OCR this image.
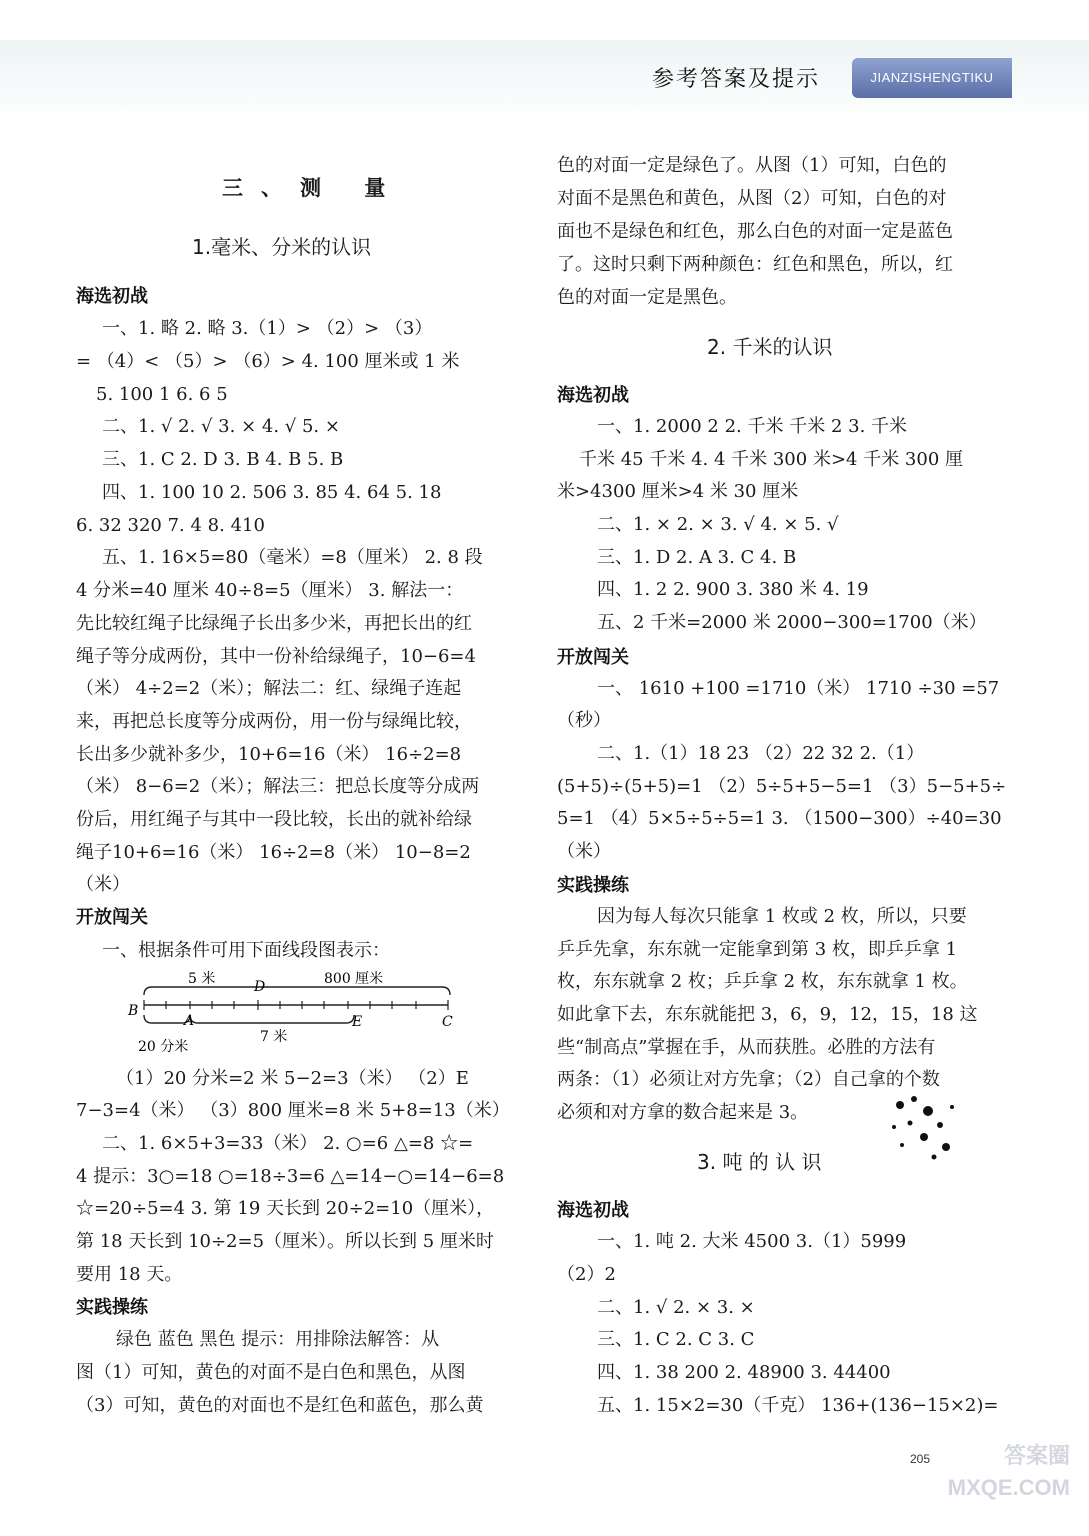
参考答案及提示	JIANZISHENGTIKU
三、测 量
1.毫米、分米的认识
海选初战
一、1. 略 2. 略 3.（1）> （2）> （3）
= （4）< （5）> （6）> 4. 100 厘米或 1 米
5. 100 1 6. 6 5
二、1. √ 2. √ 3. × 4. √ 5. ×
三、1. C 2. D 3. B 4. B 5. B
四、1. 100 10 2. 506 3. 85 4. 64 5. 18
6. 32 320 7. 4 8. 410
五、1. 16×5=80（毫米）=8（厘米） 2. 8 段
4 分米=40 厘米 40÷8=5（厘米） 3. 解法一：
先比较红绳子比绿绳子长出多少米，再把长出的红
绳子等分成两份，其中一份补给绿绳子，10−6=4
（米） 4÷2=2（米）；解法二：红、绿绳子连起
来，再把总长度等分成两份，用一份与绿绳比较，
长出多少就补多少，10+6=16（米） 16÷2=8
（米） 8−6=2（米）；解法三：把总长度等分成两
份后，用红绳子与其中一段比较，长出的就补给绿
绳子10+6=16（米） 16÷2=8（米） 10−8=2
（米）
开放闯关
一、根据条件可用下面线段图表示：
5 米	D	800 厘米
B
A	E	C
7 米
20 分米
（1）20 分米=2 米 5−2=3（米） （2）E
7−3=4（米） （3）800 厘米=8 米 5+8=13（米）
二、1. 6×5+3=33（米） 2. ○=6 △=8 ☆=
4 提示：3○=18 ○=18÷3=6 △=14−○=14−6=8
☆=20÷5=4 3. 第 19 天长到 20÷2=10（厘米），
第 18 天长到 10÷2=5（厘米）。所以长到 5 厘米时
要用 18 天。
实践操练
绿色 蓝色 黑色 提示：用排除法解答：从
图（1）可知，黄色的对面不是白色和黑色，从图
（3）可知，黄色的对面也不是红色和蓝色，那么黄
色的对面一定是绿色了。从图（1）可知，白色的
对面不是黑色和黄色，从图（2）可知，白色的对
面也不是绿色和红色，那么白色的对面一定是蓝色
了。这时只剩下两种颜色：红色和黑色，所以，红
色的对面一定是黑色。
2. 千米的认识
海选初战
一、1. 2000 2 2. 千米 千米 2 3. 千米
千米 45 千米 4. 4 千米 300 米>4 千米 300 厘
米>4300 厘米>4 米 30 厘米
二、1. × 2. × 3. √ 4. × 5. √
三、1. D 2. A 3. C 4. B
四、1. 2 2. 900 3. 380 米 4. 19
五、2 千米=2000 米 2000−300=1700（米）
开放闯关
一、 1610 +100 =1710（米） 1710 ÷30 =57
（秒）
二、1.（1）18 23 （2）22 32 2.（1）
(5+5)÷(5+5)=1 （2）5÷5+5−5=1 （3）5−5+5÷
5=1 （4）5×5÷5÷5=1 3. （1500−300）÷40=30
（米）
实践操练
因为每人每次只能拿 1 枚或 2 枚，所以，只要
乒乒先拿，东东就一定能拿到第 3 枚，即乒乒拿 1
枚，东东就拿 2 枚；乒乒拿 2 枚，东东就拿 1 枚。
如此拿下去，东东就能把 3，6，9，12，15，18 这
些“制高点”掌握在手，从而获胜。必胜的方法有
两条：（1）必须让对方先拿；（2）自己拿的个数
必须和对方拿的数合起来是 3。
3. 吨 的 认 识
海选初战
一、1. 吨 2. 大米 4500 3.（1）5999
（2）2
二、1. √ 2. × 3. ×
三、1. C 2. C 3. C
四、1. 38 200 2. 48900 3. 44400
五、1. 15×2=30（千克） 136+(136−15×2)=
205	答案圈
MXQE.COM
